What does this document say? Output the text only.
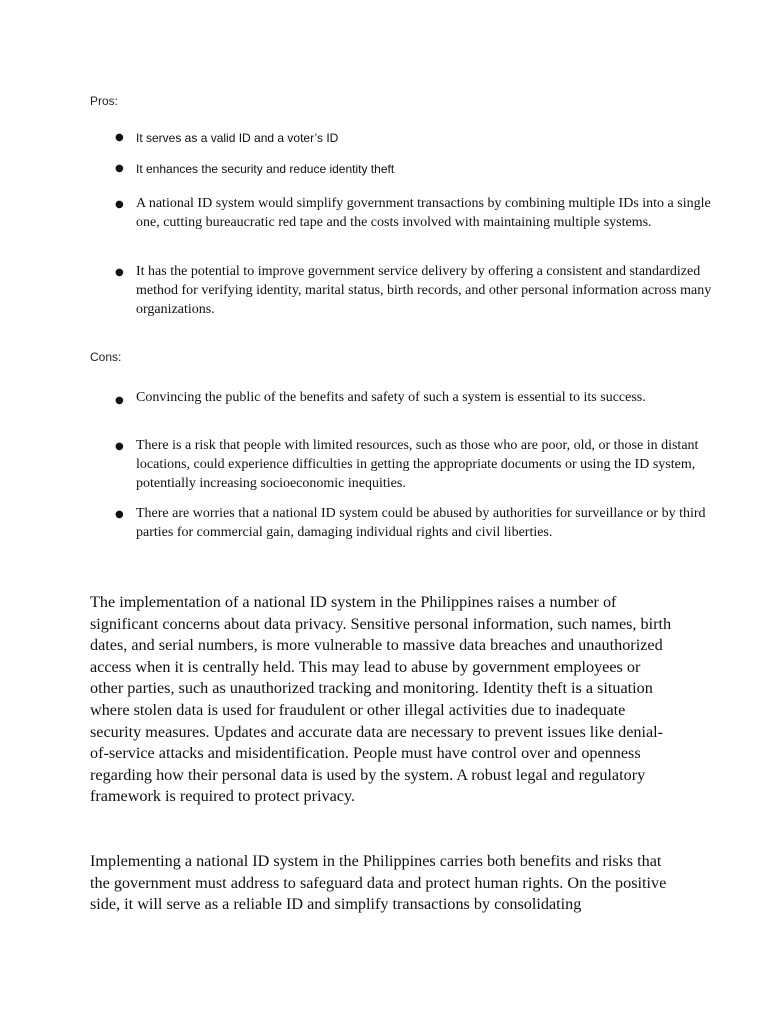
Pros:
● It serves as a valid ID and a voter’s ID
● It enhances the security and reduce identity theft
● A national ID system would simplify government transactions by combining multiple IDs into a single one, cutting bureaucratic red tape and the costs involved with maintaining multiple systems.
● It has the potential to improve government service delivery by offering a consistent and standardized method for verifying identity, marital status, birth records, and other personal information across many organizations.
Cons:
● Convincing the public of the benefits and safety of such a system is essential to its success.
● There is a risk that people with limited resources, such as those who are poor, old, or those in distant locations, could experience difficulties in getting the appropriate documents or using the ID system, potentially increasing socioeconomic inequities.
● There are worries that a national ID system could be abused by authorities for surveillance or by third parties for commercial gain, damaging individual rights and civil liberties.

The implementation of a national ID system in the Philippines raises a number of significant concerns about data privacy. Sensitive personal information, such names, birth dates, and serial numbers, is more vulnerable to massive data breaches and unauthorized access when it is centrally held. This may lead to abuse by government employees or other parties, such as unauthorized tracking and monitoring. Identity theft is a situation where stolen data is used for fraudulent or other illegal activities due to inadequate security measures. Updates and accurate data are necessary to prevent issues like denial-of-service attacks and misidentification. People must have control over and openness regarding how their personal data is used by the system. A robust legal and regulatory framework is required to protect privacy.

Implementing a national ID system in the Philippines carries both benefits and risks that the government must address to safeguard data and protect human rights. On the positive side, it will serve as a reliable ID and simplify transactions by consolidating
